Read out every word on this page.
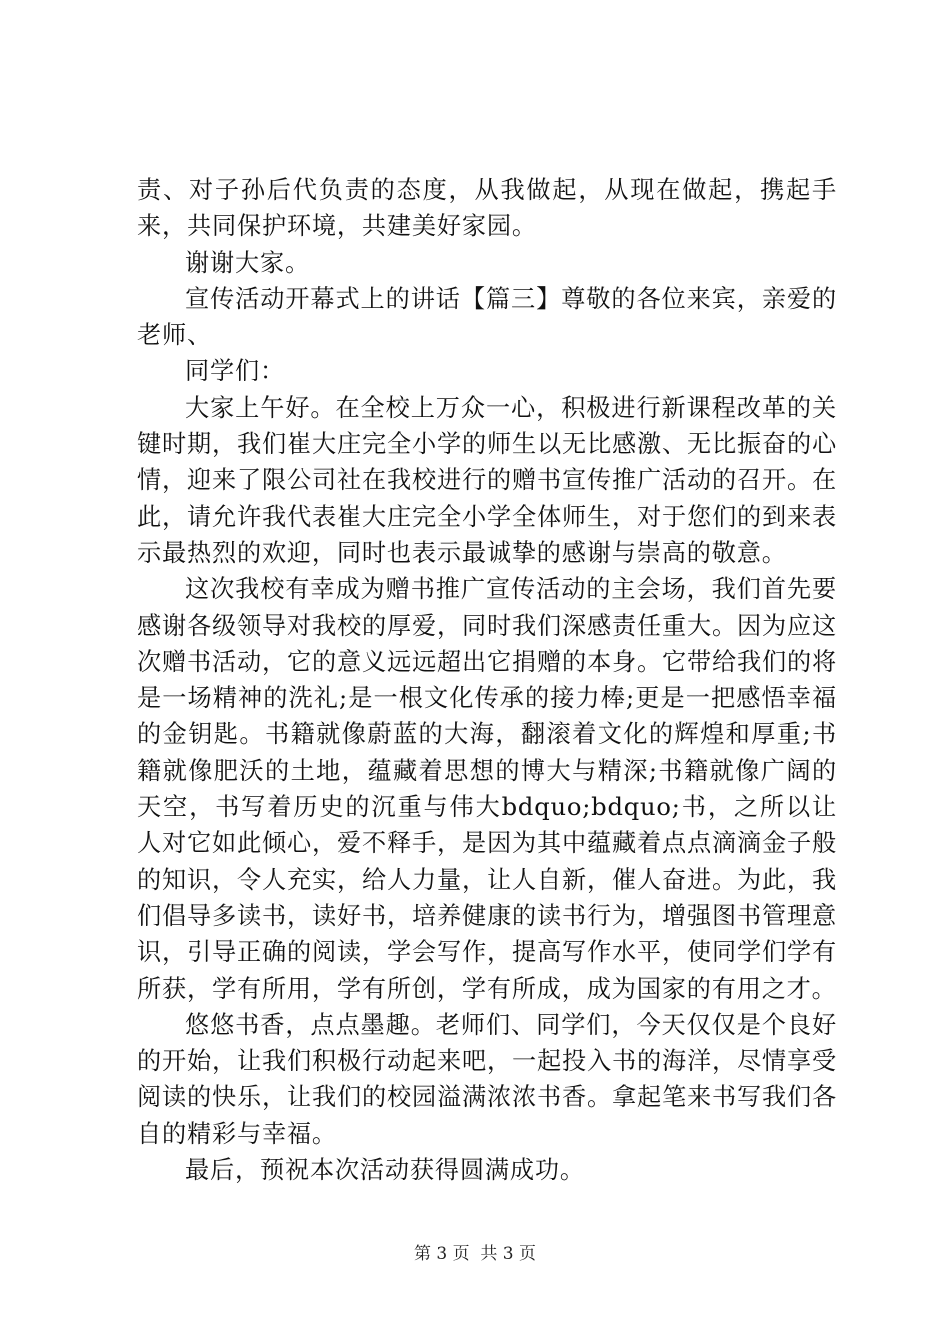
责、对子孙后代负责的态度，从我做起，从现在做起，携起手来，共同保护环境，共建美好家园。

谢谢大家。

宣传活动开幕式上的讲话【篇三】尊敬的各位来宾，亲爱的老师、

同学们：

大家上午好。在全校上万众一心，积极进行新课程改革的关键时期，我们崔大庄完全小学的师生以无比感激、无比振奋的心情，迎来了限公司社在我校进行的赠书宣传推广活动的召开。在此，请允许我代表崔大庄完全小学全体师生，对于您们的到来表示最热烈的欢迎，同时也表示最诚挚的感谢与崇高的敬意。

这次我校有幸成为赠书推广宣传活动的主会场，我们首先要感谢各级领导对我校的厚爱，同时我们深感责任重大。因为应这次赠书活动，它的意义远远超出它捐赠的本身。它带给我们的将是一场精神的洗礼;是一根文化传承的接力棒;更是一把感悟幸福的金钥匙。书籍就像蔚蓝的大海，翻滚着文化的辉煌和厚重;书籍就像肥沃的土地，蕴藏着思想的博大与精深;书籍就像广阔的天空，书写着历史的沉重与伟大bdquo;bdquo;书，之所以让人对它如此倾心，爱不释手，是因为其中蕴藏着点点滴滴金子般的知识，令人充实，给人力量，让人自新，催人奋进。为此，我们倡导多读书，读好书，培养健康的读书行为，增强图书管理意识，引导正确的阅读，学会写作，提高写作水平，使同学们学有所获，学有所用，学有所创，学有所成，成为国家的有用之才。

悠悠书香，点点墨趣。老师们、同学们，今天仅仅是个良好的开始，让我们积极行动起来吧，一起投入书的海洋，尽情享受阅读的快乐，让我们的校园溢满浓浓书香。拿起笔来书写我们各自的精彩与幸福。

最后，预祝本次活动获得圆满成功。

第 3 页  共 3 页
